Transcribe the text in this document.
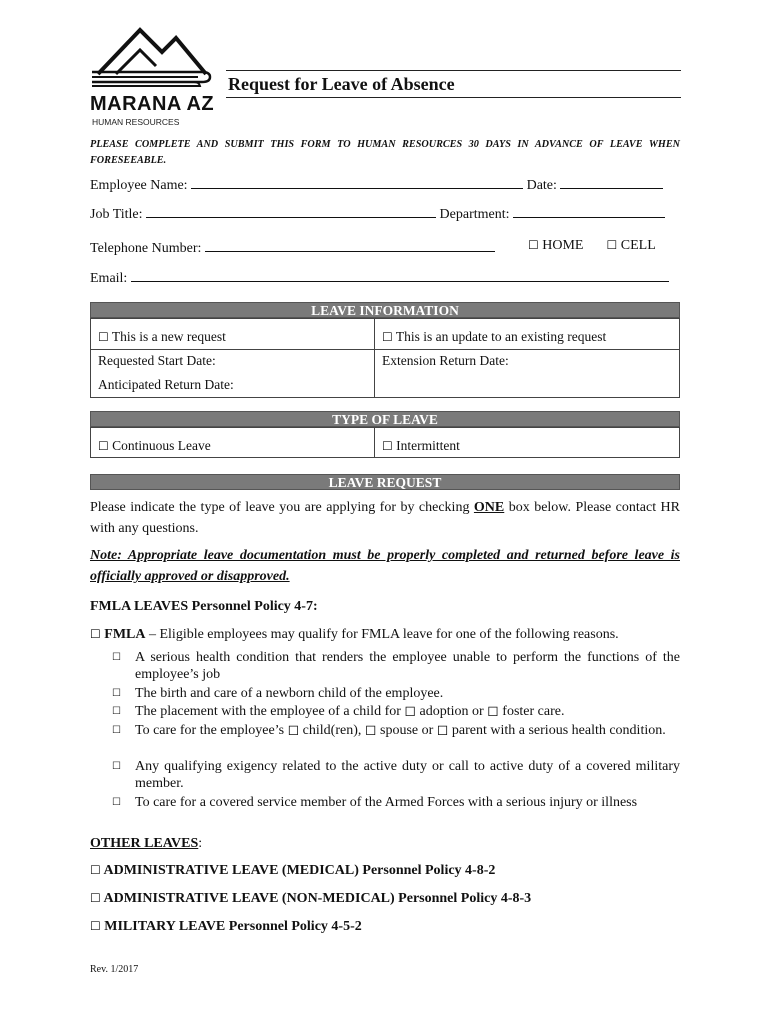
MARANA AZ
HUMAN RESOURCES
Request for Leave of Absence
PLEASE COMPLETE AND SUBMIT THIS FORM TO HUMAN RESOURCES 30 DAYS IN ADVANCE OF LEAVE WHEN FORESEEABLE.
Employee Name:	Date:
Job Title:	Department:
Telephone Number:	☐ HOME ☐ CELL
Email:
LEAVE INFORMATION
☐ This is a new request	☐ This is an update to an existing request
Requested Start Date:	Extension Return Date:
Anticipated Return Date:
TYPE OF LEAVE
☐ Continuous Leave	☐ Intermittent
LEAVE REQUEST
Please indicate the type of leave you are applying for by checking ONE box below. Please contact HR with any questions.
Note: Appropriate leave documentation must be properly completed and returned before leave is officially approved or disapproved.
FMLA LEAVES Personnel Policy 4-7:
☐ FMLA – Eligible employees may qualify for FMLA leave for one of the following reasons.
☐ A serious health condition that renders the employee unable to perform the functions of the employee’s job
☐ The birth and care of a newborn child of the employee.
☐ The placement with the employee of a child for ◻ adoption or ◻ foster care.
☐ To care for the employee’s ◻ child(ren), ◻ spouse or ◻ parent with a serious health condition.
☐ Any qualifying exigency related to the active duty or call to active duty of a covered military member.
☐ To care for a covered service member of the Armed Forces with a serious injury or illness
OTHER LEAVES:
☐ ADMINISTRATIVE LEAVE (MEDICAL) Personnel Policy 4-8-2
☐ ADMINISTRATIVE LEAVE (NON-MEDICAL) Personnel Policy 4-8-3
☐ MILITARY LEAVE Personnel Policy 4-5-2
Rev. 1/2017
